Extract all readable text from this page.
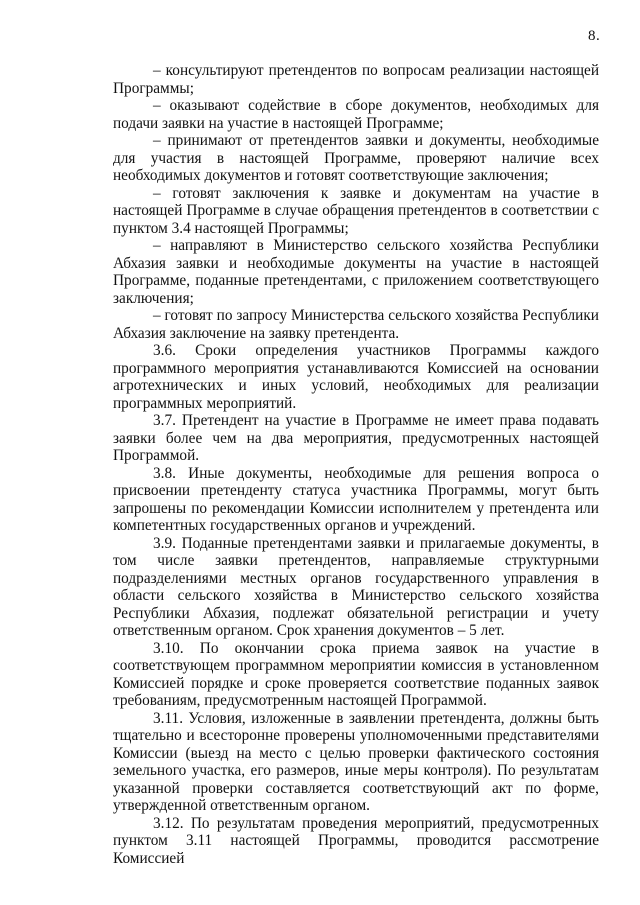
8.

– консультируют претендентов по вопросам реализации настоящей Программы;

– оказывают содействие в сборе документов, необходимых для подачи заявки на участие в настоящей Программе;

– принимают от претендентов заявки и документы, необходимые для участия в настоящей Программе, проверяют наличие всех необходимых документов и готовят соответствующие заключения;

– готовят заключения к заявке и документам на участие в настоящей Программе в случае обращения претендентов в соответствии с пунктом 3.4 настоящей Программы;

– направляют в Министерство сельского хозяйства Республики Абхазия заявки и необходимые документы на участие в настоящей Программе, поданные претендентами, с приложением соответствующего заключения;

– готовят по запросу Министерства сельского хозяйства Республики Абхазия заключение на заявку претендента.

3.6. Сроки определения участников Программы каждого программного мероприятия устанавливаются Комиссией на основании агротехнических и иных условий, необходимых для реализации программных мероприятий.

3.7. Претендент на участие в Программе не имеет права подавать заявки более чем на два мероприятия, предусмотренных настоящей Программой.

3.8. Иные документы, необходимые для решения вопроса о присвоении претенденту статуса участника Программы, могут быть запрошены по рекомендации Комиссии исполнителем у претендента или компетентных государственных органов и учреждений.

3.9. Поданные претендентами заявки и прилагаемые документы, в том числе заявки претендентов, направляемые структурными подразделениями местных органов государственного управления в области сельского хозяйства в Министерство сельского хозяйства Республики Абхазия, подлежат обязательной регистрации и учету ответственным органом. Срок хранения документов – 5 лет.

3.10. По окончании срока приема заявок на участие в соответствующем программном мероприятии комиссия в установленном Комиссией порядке и сроке проверяется соответствие поданных заявок требованиям, предусмотренным настоящей Программой.

3.11. Условия, изложенные в заявлении претендента, должны быть тщательно и всесторонне проверены уполномоченными представителями Комиссии (выезд на место с целью проверки фактического состояния земельного участка, его размеров, иные меры контроля). По результатам указанной проверки составляется соответствующий акт по форме, утвержденной ответственным органом.

3.12. По результатам проведения мероприятий, предусмотренных пунктом 3.11 настоящей Программы, проводится рассмотрение Комиссией
